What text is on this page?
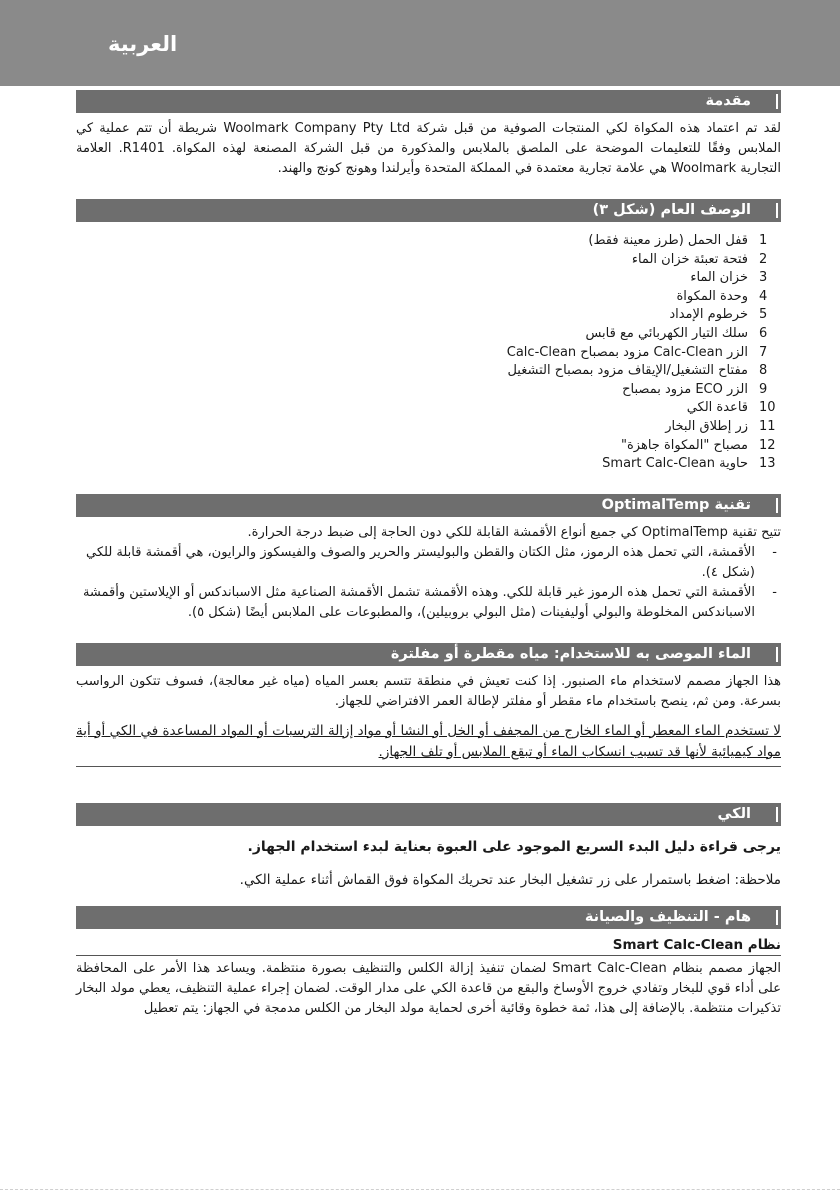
العربية
مقدمة

لقد تم اعتماد هذه المكواة لكي المنتجات الصوفية من قبل شركة Woolmark Company Pty Ltd شريطة أن تتم عملية كي الملابس وفقًا للتعليمات الموضحة على الملصق بالملابس والمذكورة من قبل الشركة المصنعة لهذه المكواة. R1401. العلامة التجارية Woolmark هي علامة تجارية معتمدة في المملكة المتحدة وأيرلندا وهونج كونج والهند.

الوصف العام (شكل ٣)
1
قفل الحمل (طرز معينة فقط)
2
فتحة تعبئة خزان الماء
3
خزان الماء
4
وحدة المكواة
5
خرطوم الإمداد
6
سلك التيار الكهربائي مع قابس
7
الزر Calc-Clean مزود بمصباح Calc-Clean
8
مفتاح التشغيل/الإيقاف مزود بمصباح التشغيل
9
الزر ECO مزود بمصباح
10
قاعدة الكي
11
زر إطلاق البخار
12
مصباح "المكواة جاهزة"
13
حاوية Smart Calc-Clean
تقنية OptimalTemp

تتيح تقنية OptimalTemp كي جميع أنواع الأقمشة القابلة للكي دون الحاجة إلى ضبط درجة الحرارة.

- الأقمشة، التي تحمل هذه الرموز، مثل الكتان والقطن والبوليستر والحرير والصوف والفيسكوز والرايون، هي أقمشة قابلة للكي (شكل ٤).
- الأقمشة التي تحمل هذه الرموز غير قابلة للكي. وهذه الأقمشة تشمل الأقمشة الصناعية مثل الاسباندكس أو الإيلاستين وأقمشة الاسباندكس المخلوطة والبولي أوليفينات (مثل البولي بروبيلين)، والمطبوعات على الملابس أيضًا (شكل ٥).
الماء الموصى به للاستخدام: مياه مقطرة أو مفلترة

هذا الجهاز مصمم لاستخدام ماء الصنبور. إذا كنت تعيش في منطقة تتسم بعسر المياه (مياه غير معالجة)، فسوف تتكون الرواسب بسرعة. ومن ثم، ينصح باستخدام ماء مقطر أو مفلتر لإطالة العمر الافتراضي للجهاز.

لا تستخدم الماء المعطر أو الماء الخارج من المجفف أو الخل أو النشا أو مواد إزالة الترسبات أو المواد المساعدة في الكي أو أية مواد كيميائية لأنها قد تسبب انسكاب الماء أو تبقع الملابس أو تلف الجهاز.

الكي

يرجى قراءة دليل البدء السريع الموجود على العبوة بعناية لبدء استخدام الجهاز.

ملاحظة: اضغط باستمرار على زر تشغيل البخار عند تحريك المكواة فوق القماش أثناء عملية الكي.

هام - التنظيف والصيانة

نظام Smart Calc-Clean

الجهاز مصمم بنظام Smart Calc-Clean لضمان تنفيذ إزالة الكلس والتنظيف بصورة منتظمة. ويساعد هذا الأمر على المحافظة على أداء قوي للبخار وتفادي خروج الأوساخ والبقع من قاعدة الكي على مدار الوقت. لضمان إجراء عملية التنظيف، يعطي مولد البخار تذكيرات منتظمة. بالإضافة إلى هذا، ثمة خطوة وقائية أخرى لحماية مولد البخار من الكلس مدمجة في الجهاز: يتم تعطيل
